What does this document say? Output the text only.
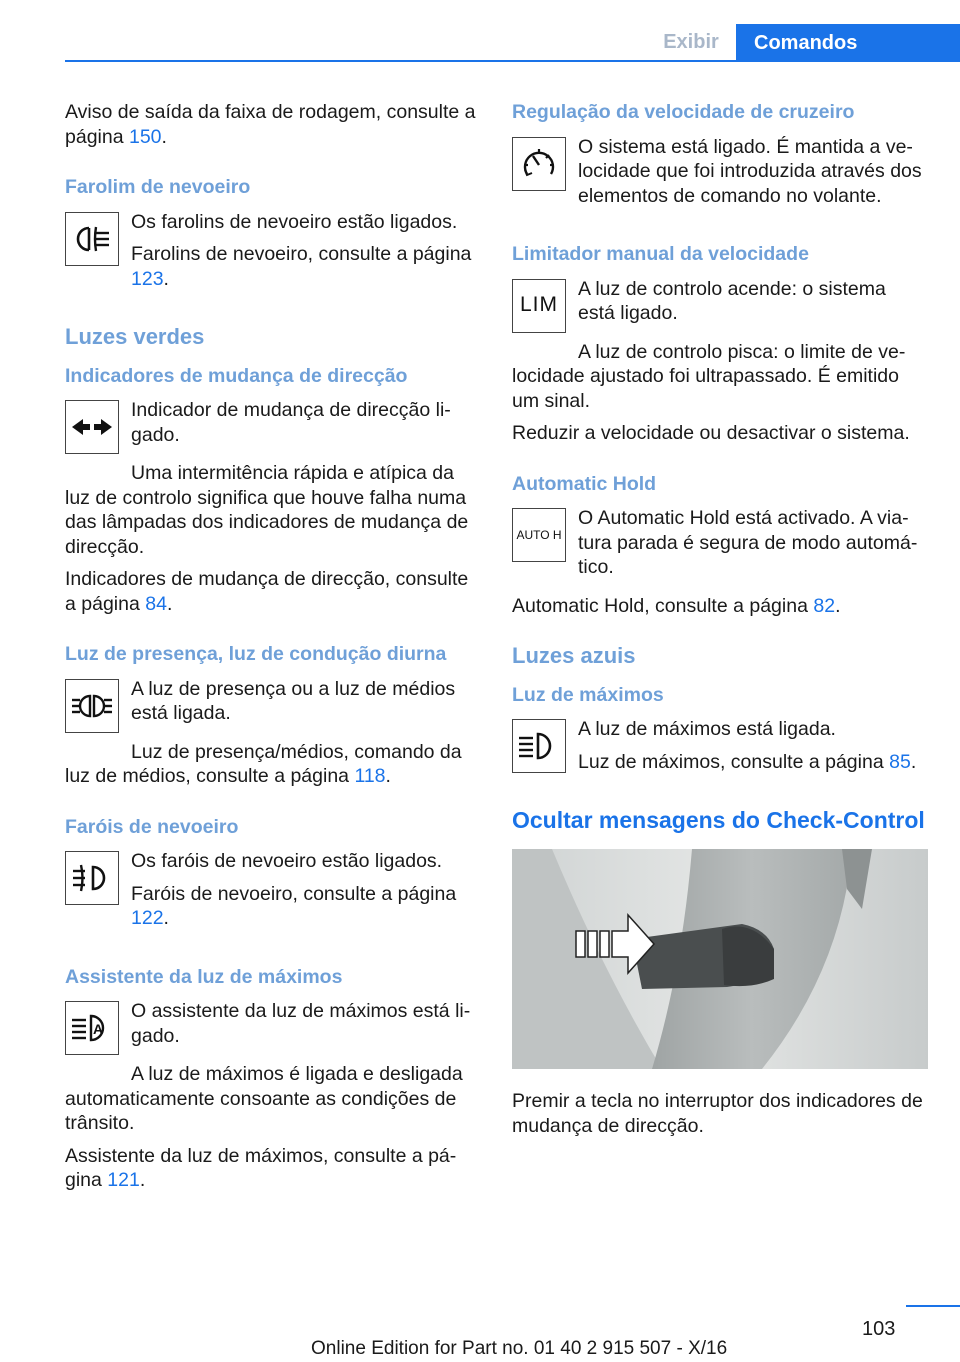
Exibir	Comandos

Aviso de saída da faixa de rodagem, consulte a página 150.

Farolim de nevoeiro

Os farolins de nevoeiro estão ligados.

Farolins de nevoeiro, consulte a página 123.

Luzes verdes
Indicadores de mudança de direcção

Indicador de mudança de direcção ligado.

Uma intermitência rápida e atípica da luz de controlo significa que houve falha numa das lâmpadas dos indicadores de mudança de direcção.

Indicadores de mudança de direcção, consulte a página 84.

Luz de presença, luz de condução diurna

A luz de presença ou a luz de médios está ligada.

Luz de presença/médios, comando da luz de médios, consulte a página 118.

Faróis de nevoeiro

Os faróis de nevoeiro estão ligados.

Faróis de nevoeiro, consulte a página 122.

Assistente da luz de máximos
A

O assistente da luz de máximos está ligado.

A luz de máximos é ligada e desligada automaticamente consoante as condições de trânsito.

Assistente da luz de máximos, consulte a página 121.

Regulação da velocidade de cruzeiro

O sistema está ligado. É mantida a velocidade que foi introduzida através dos elementos de comando no volante.

Limitador manual da velocidade
LIM

A luz de controlo acende: o sistema está ligado.

A luz de controlo pisca: o limite de velocidade ajustado foi ultrapassado. É emitido um sinal.

Reduzir a velocidade ou desactivar o sistema.

Automatic Hold
AUTO H

O Automatic Hold está activado. A viatura parada é segura de modo automático.

Automatic Hold, consulte a página 82.

Luzes azuis
Luz de máximos

A luz de máximos está ligada.

Luz de máximos, consulte a página 85.

Ocultar mensagens do Check-Control

Premir a tecla no interruptor dos indicadores de mudança de direcção.

103
Online Edition for Part no. 01 40 2 915 507 - X/16
